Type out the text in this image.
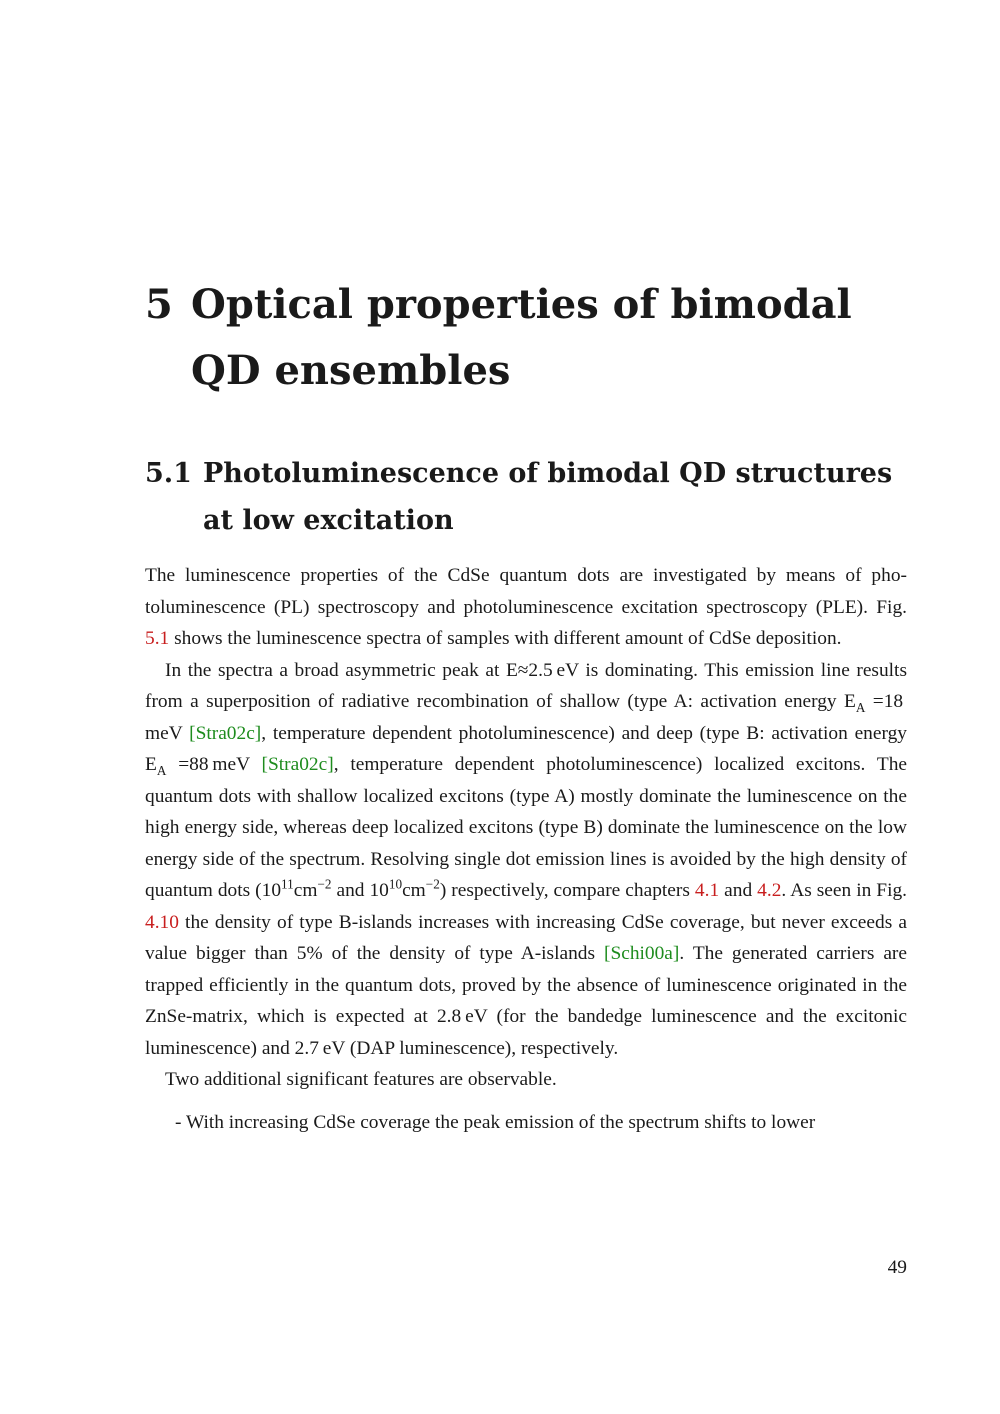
5 Optical properties of bimodal QD ensembles
5.1 Photoluminescence of bimodal QD structures at low excitation

The luminescence properties of the CdSe quantum dots are investigated by means of photoluminescence (PL) spectroscopy and photoluminescence excitation spectroscopy (PLE). Fig. 5.1 shows the luminescence spectra of samples with different amount of CdSe deposition.

In the spectra a broad asymmetric peak at E≈2.5 eV is dominating. This emission line results from a superposition of radiative recombination of shallow (type A: activation energy $E_A =18$ meV [Stra02c], temperature dependent photoluminescence) and deep (type B: activation energy $E_A =88$ meV [Stra02c], temperature dependent photoluminescence) localized excitons. The quantum dots with shallow localized excitons (type A) mostly dominate the luminescence on the high energy side, whereas deep localized excitons (type B) dominate the luminescence on the low energy side of the spectrum. Resolving single dot emission lines is avoided by the high density of quantum dots ($10^{11}cm^{-2}$ and $10^{10}cm^{-2}$) respectively, compare chapters 4.1 and 4.2. As seen in Fig. 4.10 the density of type B-islands increases with increasing CdSe coverage, but never exceeds a value bigger than 5% of the density of type A-islands [Schi00a]. The generated carriers are trapped efficiently in the quantum dots, proved by the absence of luminescence originated in the ZnSe-matrix, which is expected at 2.8 eV (for the bandedge luminescence and the excitonic luminescence) and 2.7 eV (DAP luminescence), respectively.

Two additional significant features are observable.

- With increasing CdSe coverage the peak emission of the spectrum shifts to lower
49
